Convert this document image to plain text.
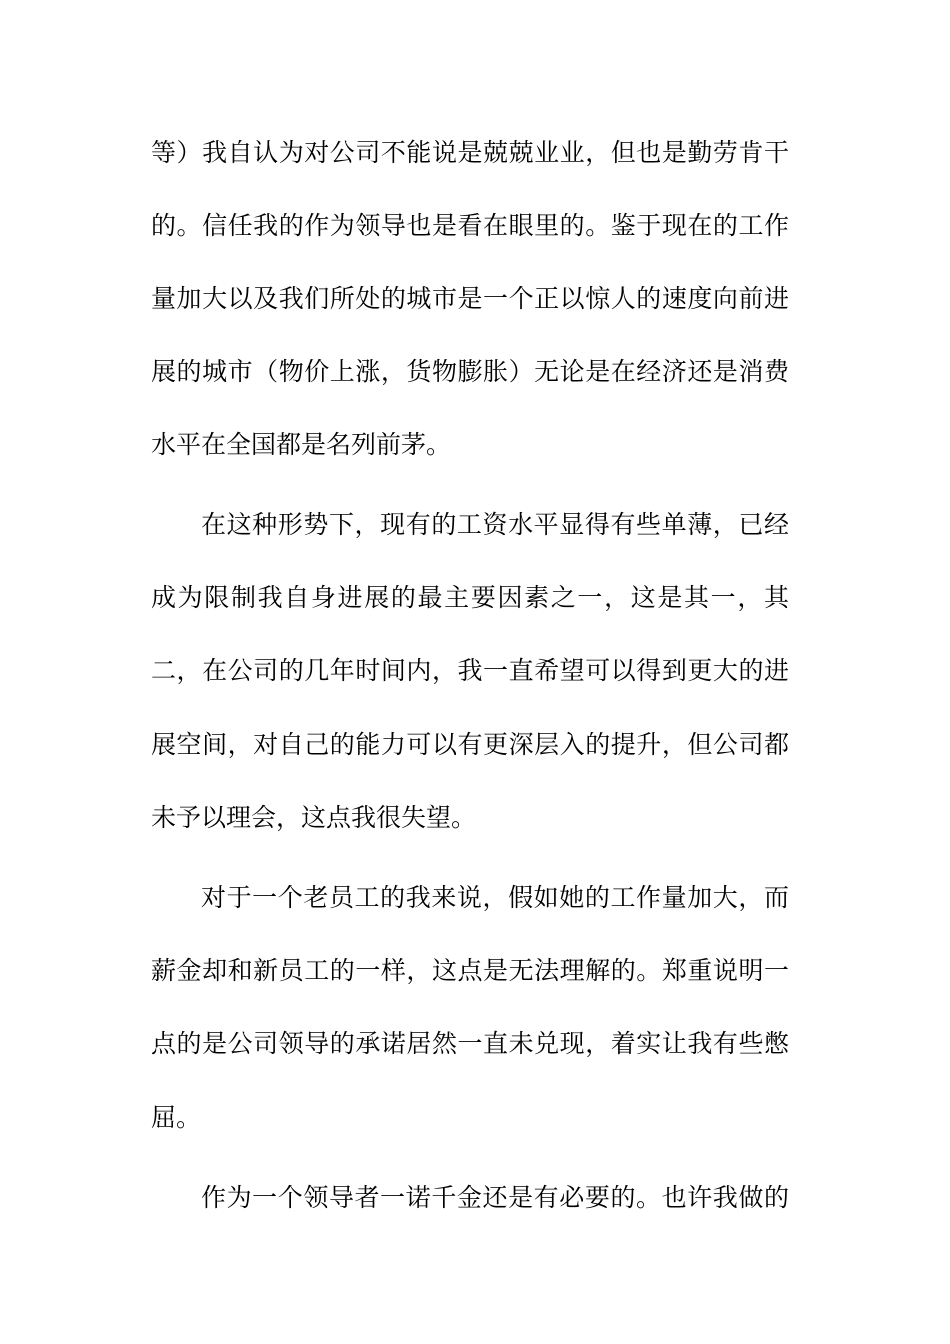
等）我自认为对公司不能说是兢兢业业，但也是勤劳肯干
的。信任我的作为领导也是看在眼里的。鉴于现在的工作
量加大以及我们所处的城市是一个正以惊人的速度向前进
展的城市（物价上涨，货物膨胀）无论是在经济还是消费
水平在全国都是名列前茅。
在这种形势下，现有的工资水平显得有些单薄，已经
成为限制我自身进展的最主要因素之一，这是其一，其
二，在公司的几年时间内，我一直希望可以得到更大的进
展空间，对自己的能力可以有更深层入的提升，但公司都
未予以理会，这点我很失望。
对于一个老员工的我来说，假如她的工作量加大，而
薪金却和新员工的一样，这点是无法理解的。郑重说明一
点的是公司领导的承诺居然一直未兑现，着实让我有些憋
屈。
作为一个领导者一诺千金还是有必要的。也许我做的
